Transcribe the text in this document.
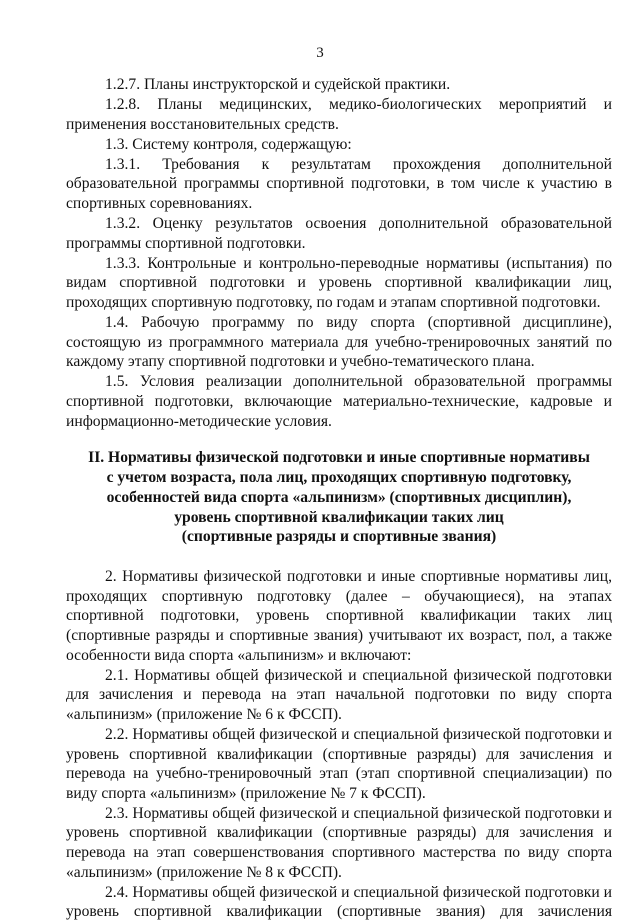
3

1.2.7. Планы инструкторской и судейской практики.

1.2.8. Планы медицинских, медико-биологических мероприятий и применения восстановительных средств.

1.3. Систему контроля, содержащую:

1.3.1. Требования к результатам прохождения дополнительной образовательной программы спортивной подготовки, в том числе к участию в спортивных соревнованиях.

1.3.2. Оценку результатов освоения дополнительной образовательной программы спортивной подготовки.

1.3.3. Контрольные и контрольно-переводные нормативы (испытания) по видам спортивной подготовки и уровень спортивной квалификации лиц, проходящих спортивную подготовку, по годам и этапам спортивной подготовки.

1.4. Рабочую программу по виду спорта (спортивной дисциплине), состоящую из программного материала для учебно-тренировочных занятий по каждому этапу спортивной подготовки и учебно-тематического плана.

1.5. Условия реализации дополнительной образовательной программы спортивной подготовки, включающие материально-технические, кадровые и информационно-методические условия.

II. Нормативы физической подготовки и иные спортивные нормативы
с учетом возраста, пола лиц, проходящих спортивную подготовку,
особенностей вида спорта «альпинизм» (спортивных дисциплин),
уровень спортивной квалификации таких лиц
(спортивные разряды и спортивные звания)

2. Нормативы физической подготовки и иные спортивные нормативы лиц, проходящих спортивную подготовку (далее – обучающиеся), на этапах спортивной подготовки, уровень спортивной квалификации таких лиц (спортивные разряды и спортивные звания) учитывают их возраст, пол, а также особенности вида спорта «альпинизм» и включают:

2.1. Нормативы общей физической и специальной физической подготовки для зачисления и перевода на этап начальной подготовки по виду спорта «альпинизм» (приложение № 6 к ФССП).

2.2. Нормативы общей физической и специальной физической подготовки и уровень спортивной квалификации (спортивные разряды) для зачисления и перевода на учебно-тренировочный этап (этап спортивной специализации) по виду спорта «альпинизм» (приложение № 7 к ФССП).

2.3. Нормативы общей физической и специальной физической подготовки и уровень спортивной квалификации (спортивные разряды) для зачисления и перевода на этап совершенствования спортивного мастерства по виду спорта «альпинизм» (приложение № 8 к ФССП).

2.4. Нормативы общей физической и специальной физической подготовки и уровень спортивной квалификации (спортивные звания) для зачисления
